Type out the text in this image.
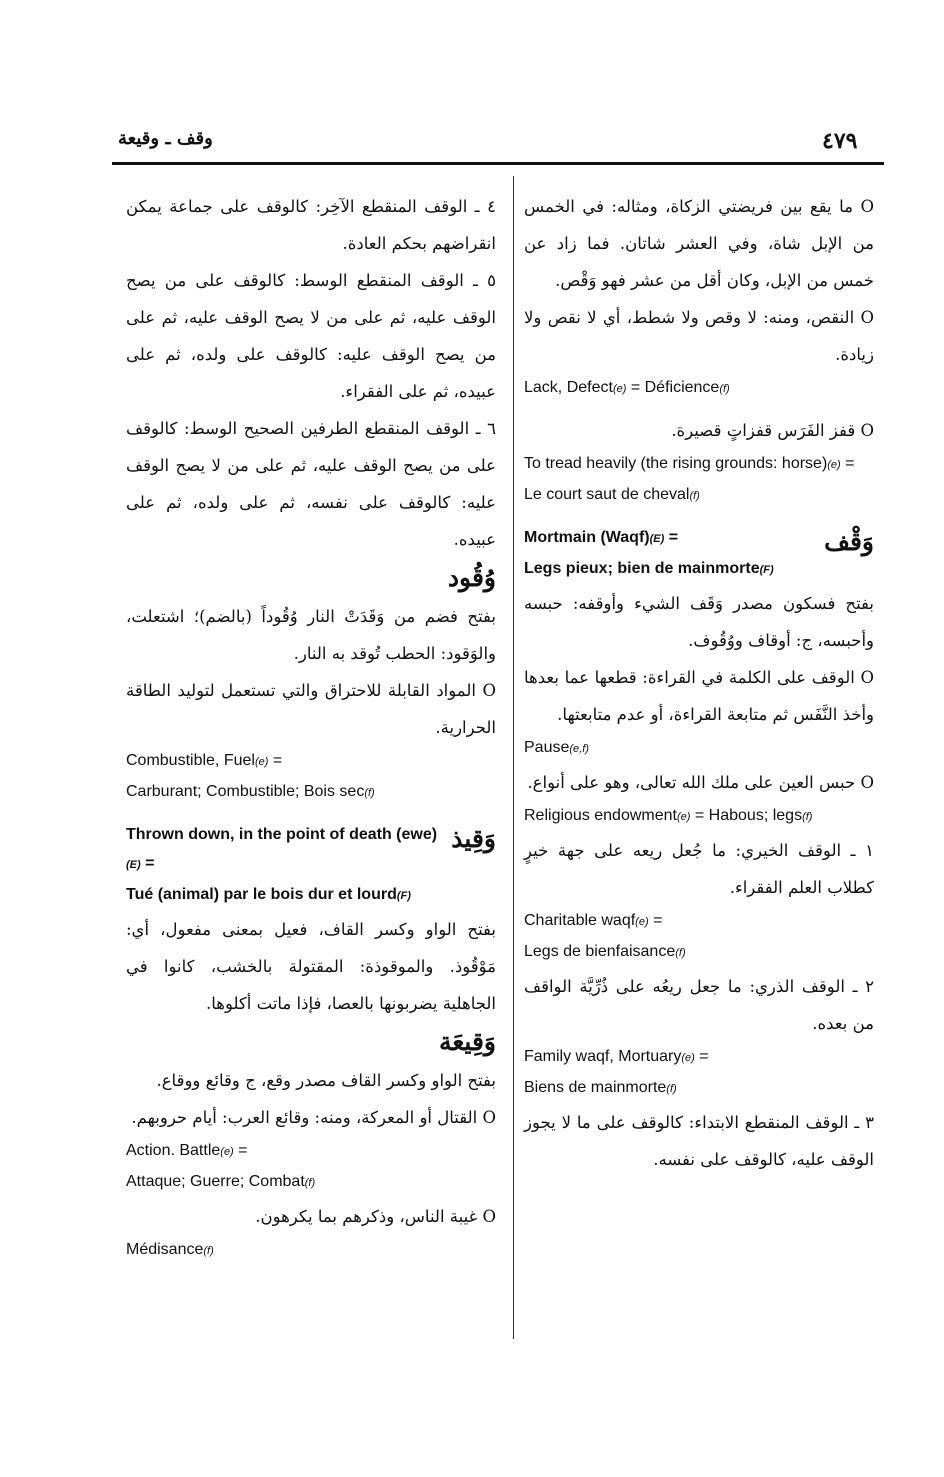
٤٧٩
وقف ـ وقيعة

O ما يقع بين فريضتي الزكاة، ومثاله: في الخمس من الإبل شاة، وفي العشر شاتان. فما زاد عن خمس من الإبل، وكان أقل من عشر فهو وَقْص.

O النقص، ومنه: لا وقص ولا شطط، أي لا نقص ولا زيادة.

Lack, Defect(e) = Déficience(f)

O قفز الفَرَس قفزاتٍ قصيرة.

To tread heavily (the rising grounds: horse)(e) =

Le court saut de cheval(f)

وَقْف

Mortmain (Waqf)(E) =

Legs pieux; bien de mainmorte(F)

بفتح فسكون مصدر وَقَف الشيء وأوقفه: حبسه وأحبسه، ج: أوقاف ووُقُوف.

O الوقف على الكلمة في القراءة: قطعها عما بعدها وأخذ النَّفَس ثم متابعة القراءة، أو عدم متابعتها.

Pause(e,f)

O حبس العين على ملك الله تعالى، وهو على أنواع.

Religious endowment(e) = Habous; legs(f)

١ ـ الوقف الخيري: ما جُعل ريعه على جهة خيرٍ كطلاب العلم الفقراء.

Charitable waqf(e) =

Legs de bienfaisance(f)

٢ ـ الوقف الذري: ما جعل ريعُه على ذُرِّيَّة الواقف من بعده.

Family waqf, Mortuary(e) =

Biens de mainmorte(f)

٣ ـ الوقف المنقطع الابتداء: كالوقف على ما لا يجوز الوقف عليه، كالوقف على نفسه.

٤ ـ الوقف المنقطع الآخِر: كالوقف على جماعة يمكن انقراضهم بحكم العادة.

٥ ـ الوقف المنقطع الوسط: كالوقف على من يصح الوقف عليه، ثم على من لا يصح الوقف عليه، ثم على من يصح الوقف عليه: كالوقف على ولده، ثم على عبيده، ثم على الفقراء.

٦ ـ الوقف المنقطع الطرفين الصحيح الوسط: كالوقف على من يصح الوقف عليه، ثم على من لا يصح الوقف عليه: كالوقف على نفسه، ثم على ولده، ثم على عبيده.

وُقُود

بفتح فضم من وَقَدَتْ النار وُقُوداً (بالضم)؛ اشتعلت، والوَقود: الحطب تُوقد به النار.

O المواد القابلة للاحتراق والتي تستعمل لتوليد الطاقة الحرارية.

Combustible, Fuel(e) =

Carburant; Combustible; Bois sec(f)

وَقِيذ

Thrown down, in the point of death (ewe)(E) =

Tué (animal) par le bois dur et lourd(F)

بفتح الواو وكسر القاف، فعيل بمعنى مفعول، أي: مَوْقُوذ. والموقوذة: المقتولة بالخشب، كانوا في الجاهلية يضربونها بالعصا، فإذا ماتت أكلوها.

وَقِيعَة

بفتح الواو وكسر القاف مصدر وقع، ج وقائع ووقاع.

O القتال أو المعركة، ومنه: وقائع العرب: أيام حروبهم.

Action. Battle(e) =

Attaque; Guerre; Combat(f)

O غيبة الناس، وذكرهم بما يكرهون.

Médisance(f)
